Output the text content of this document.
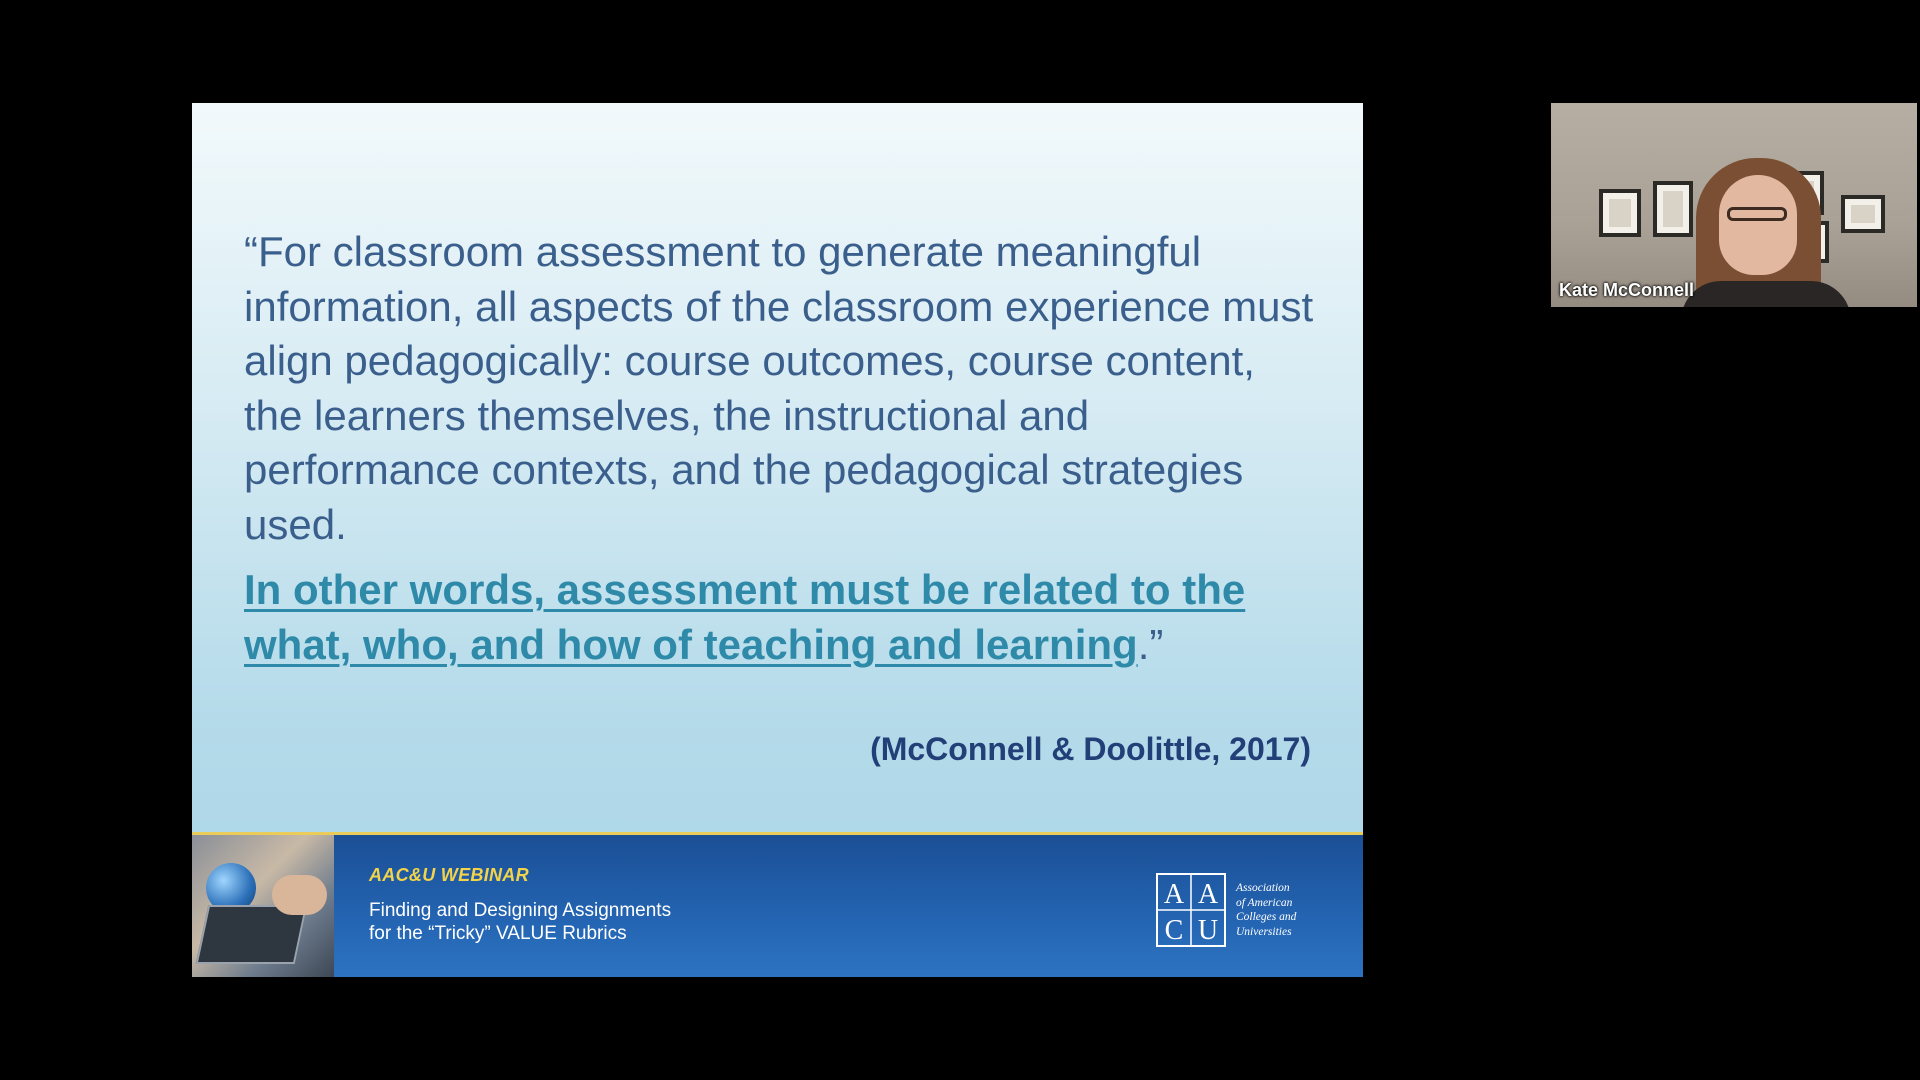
“For classroom assessment to generate meaningful information, all aspects of the classroom experience must align pedagogically: course outcomes, course content, the learners themselves, the instructional and performance contexts, and the pedagogical strategies used.

In other words, assessment must be related to the what, who, and how of teaching and learning.”

(McConnell & Doolittle, 2017)
AAC&U WEBINAR
Finding and Designing Assignments
for the “Tricky” VALUE Rubrics
A A
C U
Association
of American
Colleges and
Universities
Kate McConnell
